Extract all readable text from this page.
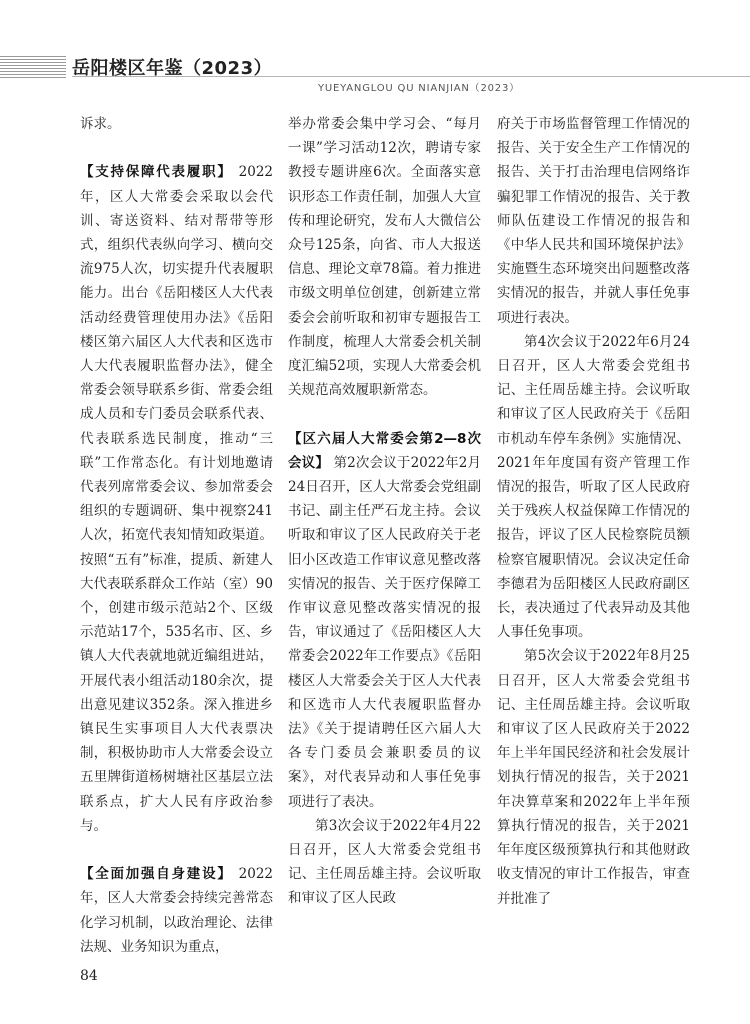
岳阳楼区年鉴（2023）
YUEYANGLOU QU NIANJIAN（2023）

诉求。

【支持保障代表履职】 2022年，区人大常委会采取以会代训、寄送资料、结对帮带等形式，组织代表纵向学习、横向交流975人次，切实提升代表履职能力。出台《岳阳楼区人大代表活动经费管理使用办法》《岳阳楼区第六届区人大代表和区选市人大代表履职监督办法》，健全常委会领导联系乡街、常委会组成人员和专门委员会联系代表、代表联系选民制度，推动“三联”工作常态化。有计划地邀请代表列席常委会议、参加常委会组织的专题调研、集中视察241人次，拓宽代表知情知政渠道。按照“五有”标准，提质、新建人大代表联系群众工作站（室）90个，创建市级示范站2个、区级示范站17个，535名市、区、乡镇人大代表就地就近编组进站，开展代表小组活动180余次，提出意见建议352条。深入推进乡镇民生实事项目人大代表票决制，积极协助市人大常委会设立五里牌街道杨树塘社区基层立法联系点，扩大人民有序政治参与。

【全面加强自身建设】 2022年，区人大常委会持续完善常态化学习机制，以政治理论、法律法规、业务知识为重点，

举办常委会集中学习会、“每月一课”学习活动12次，聘请专家教授专题讲座6次。全面落实意识形态工作责任制，加强人大宣传和理论研究，发布人大微信公众号125条，向省、市人大报送信息、理论文章78篇。着力推进市级文明单位创建，创新建立常委会会前听取和初审专题报告工作制度，梳理人大常委会机关制度汇编52项，实现人大常委会机关规范高效履职新常态。

【区六届人大常委会第2—8次会议】 第2次会议于2022年2月24日召开，区人大常委会党组副书记、副主任严石龙主持。会议听取和审议了区人民政府关于老旧小区改造工作审议意见整改落实情况的报告、关于医疗保障工作审议意见整改落实情况的报告，审议通过了《岳阳楼区人大常委会2022年工作要点》《岳阳楼区人大常委会关于区人大代表和区选市人大代表履职监督办法》《关于提请聘任区六届人大各专门委员会兼职委员的议案》，对代表异动和人事任免事项进行了表决。

第3次会议于2022年4月22日召开，区人大常委会党组书记、主任周岳雄主持。会议听取和审议了区人民政

府关于市场监督管理工作情况的报告、关于安全生产工作情况的报告、关于打击治理电信网络诈骗犯罪工作情况的报告、关于教师队伍建设工作情况的报告和《中华人民共和国环境保护法》实施暨生态环境突出问题整改落实情况的报告，并就人事任免事项进行表决。

第4次会议于2022年6月24日召开，区人大常委会党组书记、主任周岳雄主持。会议听取和审议了区人民政府关于《岳阳市机动车停车条例》实施情况、2021年年度国有资产管理工作情况的报告，听取了区人民政府关于残疾人权益保障工作情况的报告，评议了区人民检察院员额检察官履职情况。会议决定任命李德君为岳阳楼区人民政府副区长，表决通过了代表异动及其他人事任免事项。

第5次会议于2022年8月25日召开，区人大常委会党组书记、主任周岳雄主持。会议听取和审议了区人民政府关于2022年上半年国民经济和社会发展计划执行情况的报告，关于2021年决算草案和2022年上半年预算执行情况的报告，关于2021年年度区级预算执行和其他财政收支情况的审计工作报告，审查并批准了

84
